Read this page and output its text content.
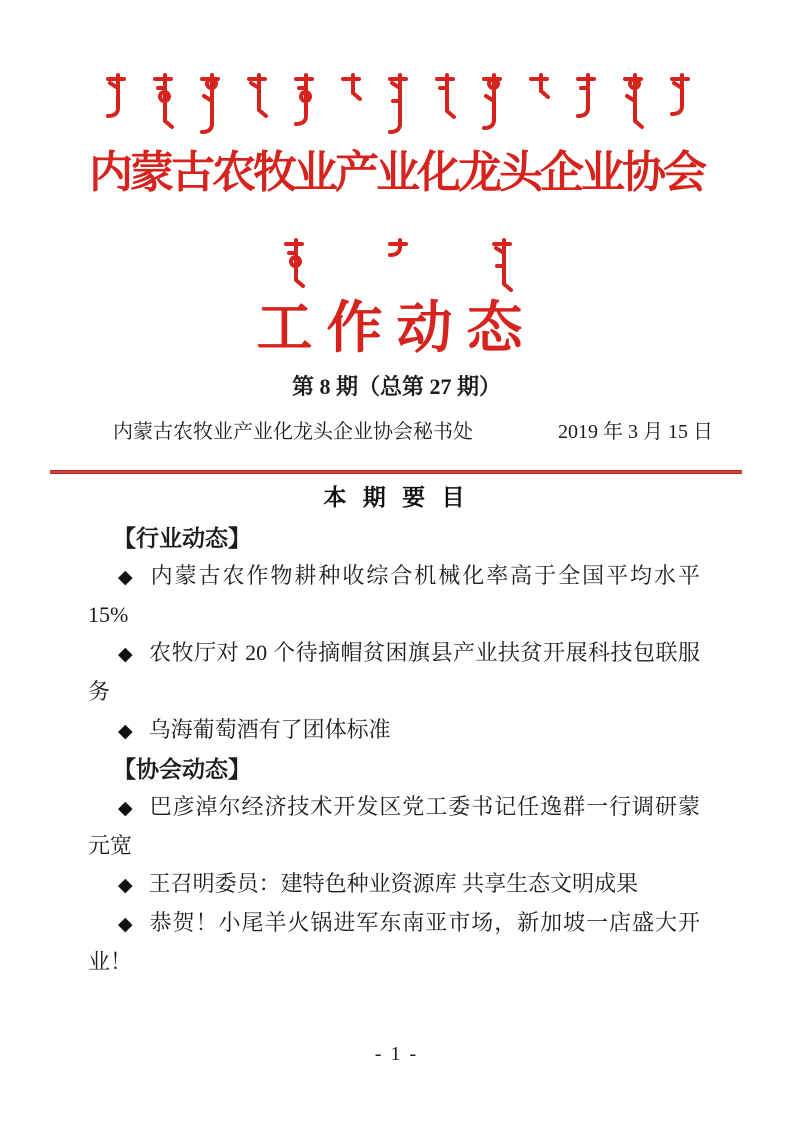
内蒙古农牧业产业化龙头企业协会
工作动态
第 8 期（总第 27 期）
内蒙古农牧业产业化龙头企业协会秘书处	2019 年 3 月 15 日
本 期 要 目
【行业动态】
◆ 内蒙古农作物耕种收综合机械化率高于全国平均水平
15%
◆ 农牧厅对 20 个待摘帽贫困旗县产业扶贫开展科技包联服
务
◆ 乌海葡萄酒有了团体标准
【协会动态】
◆ 巴彦淖尔经济技术开发区党工委书记任逸群一行调研蒙
元宽
◆ 王召明委员：建特色种业资源库 共享生态文明成果
◆ 恭贺！小尾羊火锅进军东南亚市场，新加坡一店盛大开
业！
- 1 -
